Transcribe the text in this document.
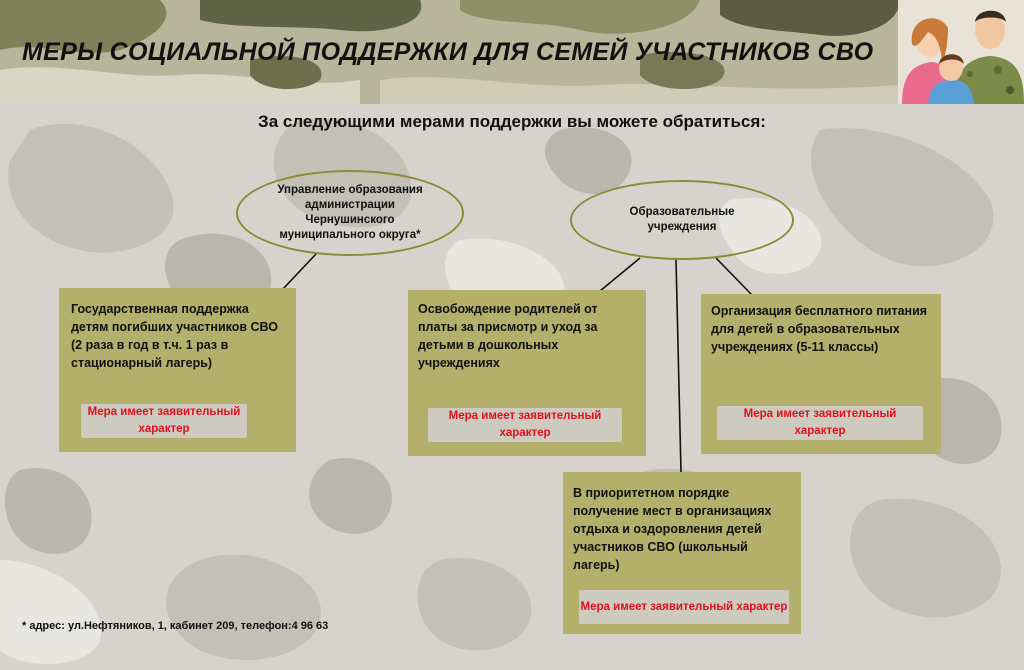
МЕРЫ СОЦИАЛЬНОЙ ПОДДЕРЖКИ ДЛЯ СЕМЕЙ УЧАСТНИКОВ СВО
За следующими мерами поддержки вы можете обратиться:
Управление образования администрации Чернушинского муниципального округа*
Образовательные учреждения
Государственная поддержка детям погибших участников СВО (2 раза в год в т.ч. 1 раз в стационарный лагерь)
Мера имеет заявительный характер
Освобождение родителей от платы за присмотр и уход за детьми в дошкольных учреждениях
Мера имеет заявительный характер
Организация бесплатного питания для детей в образовательных учреждениях (5-11 классы)
Мера имеет заявительный характер
В приоритетном порядке получение мест в организациях отдыха и оздоровления детей участников СВО (школьный лагерь)
Мера имеет заявительный характер
* адрес: ул.Нефтяников, 1, кабинет 209, телефон:4 96 63
